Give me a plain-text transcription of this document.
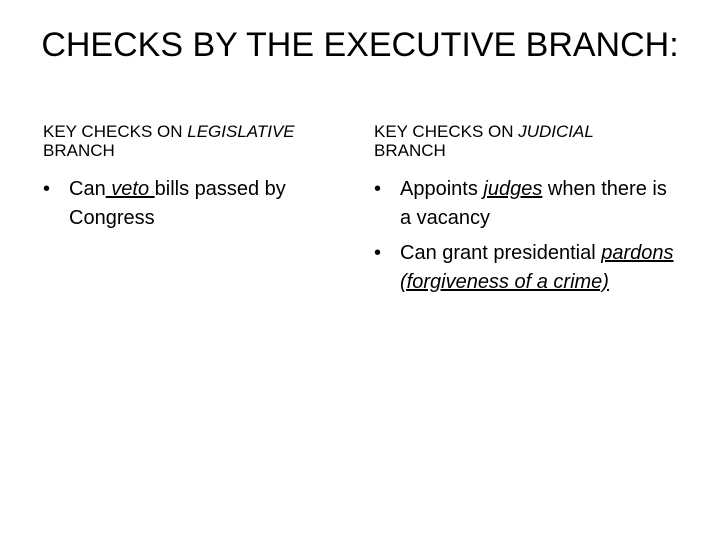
CHECKS BY THE EXECUTIVE BRANCH:

KEY CHECKS ON LEGISLATIVE
BRANCH

• Can veto bills passed by Congress

KEY CHECKS ON JUDICIAL
BRANCH

• Appoints judges when there is a vacancy
• Can grant presidential pardons (forgiveness of a crime)
